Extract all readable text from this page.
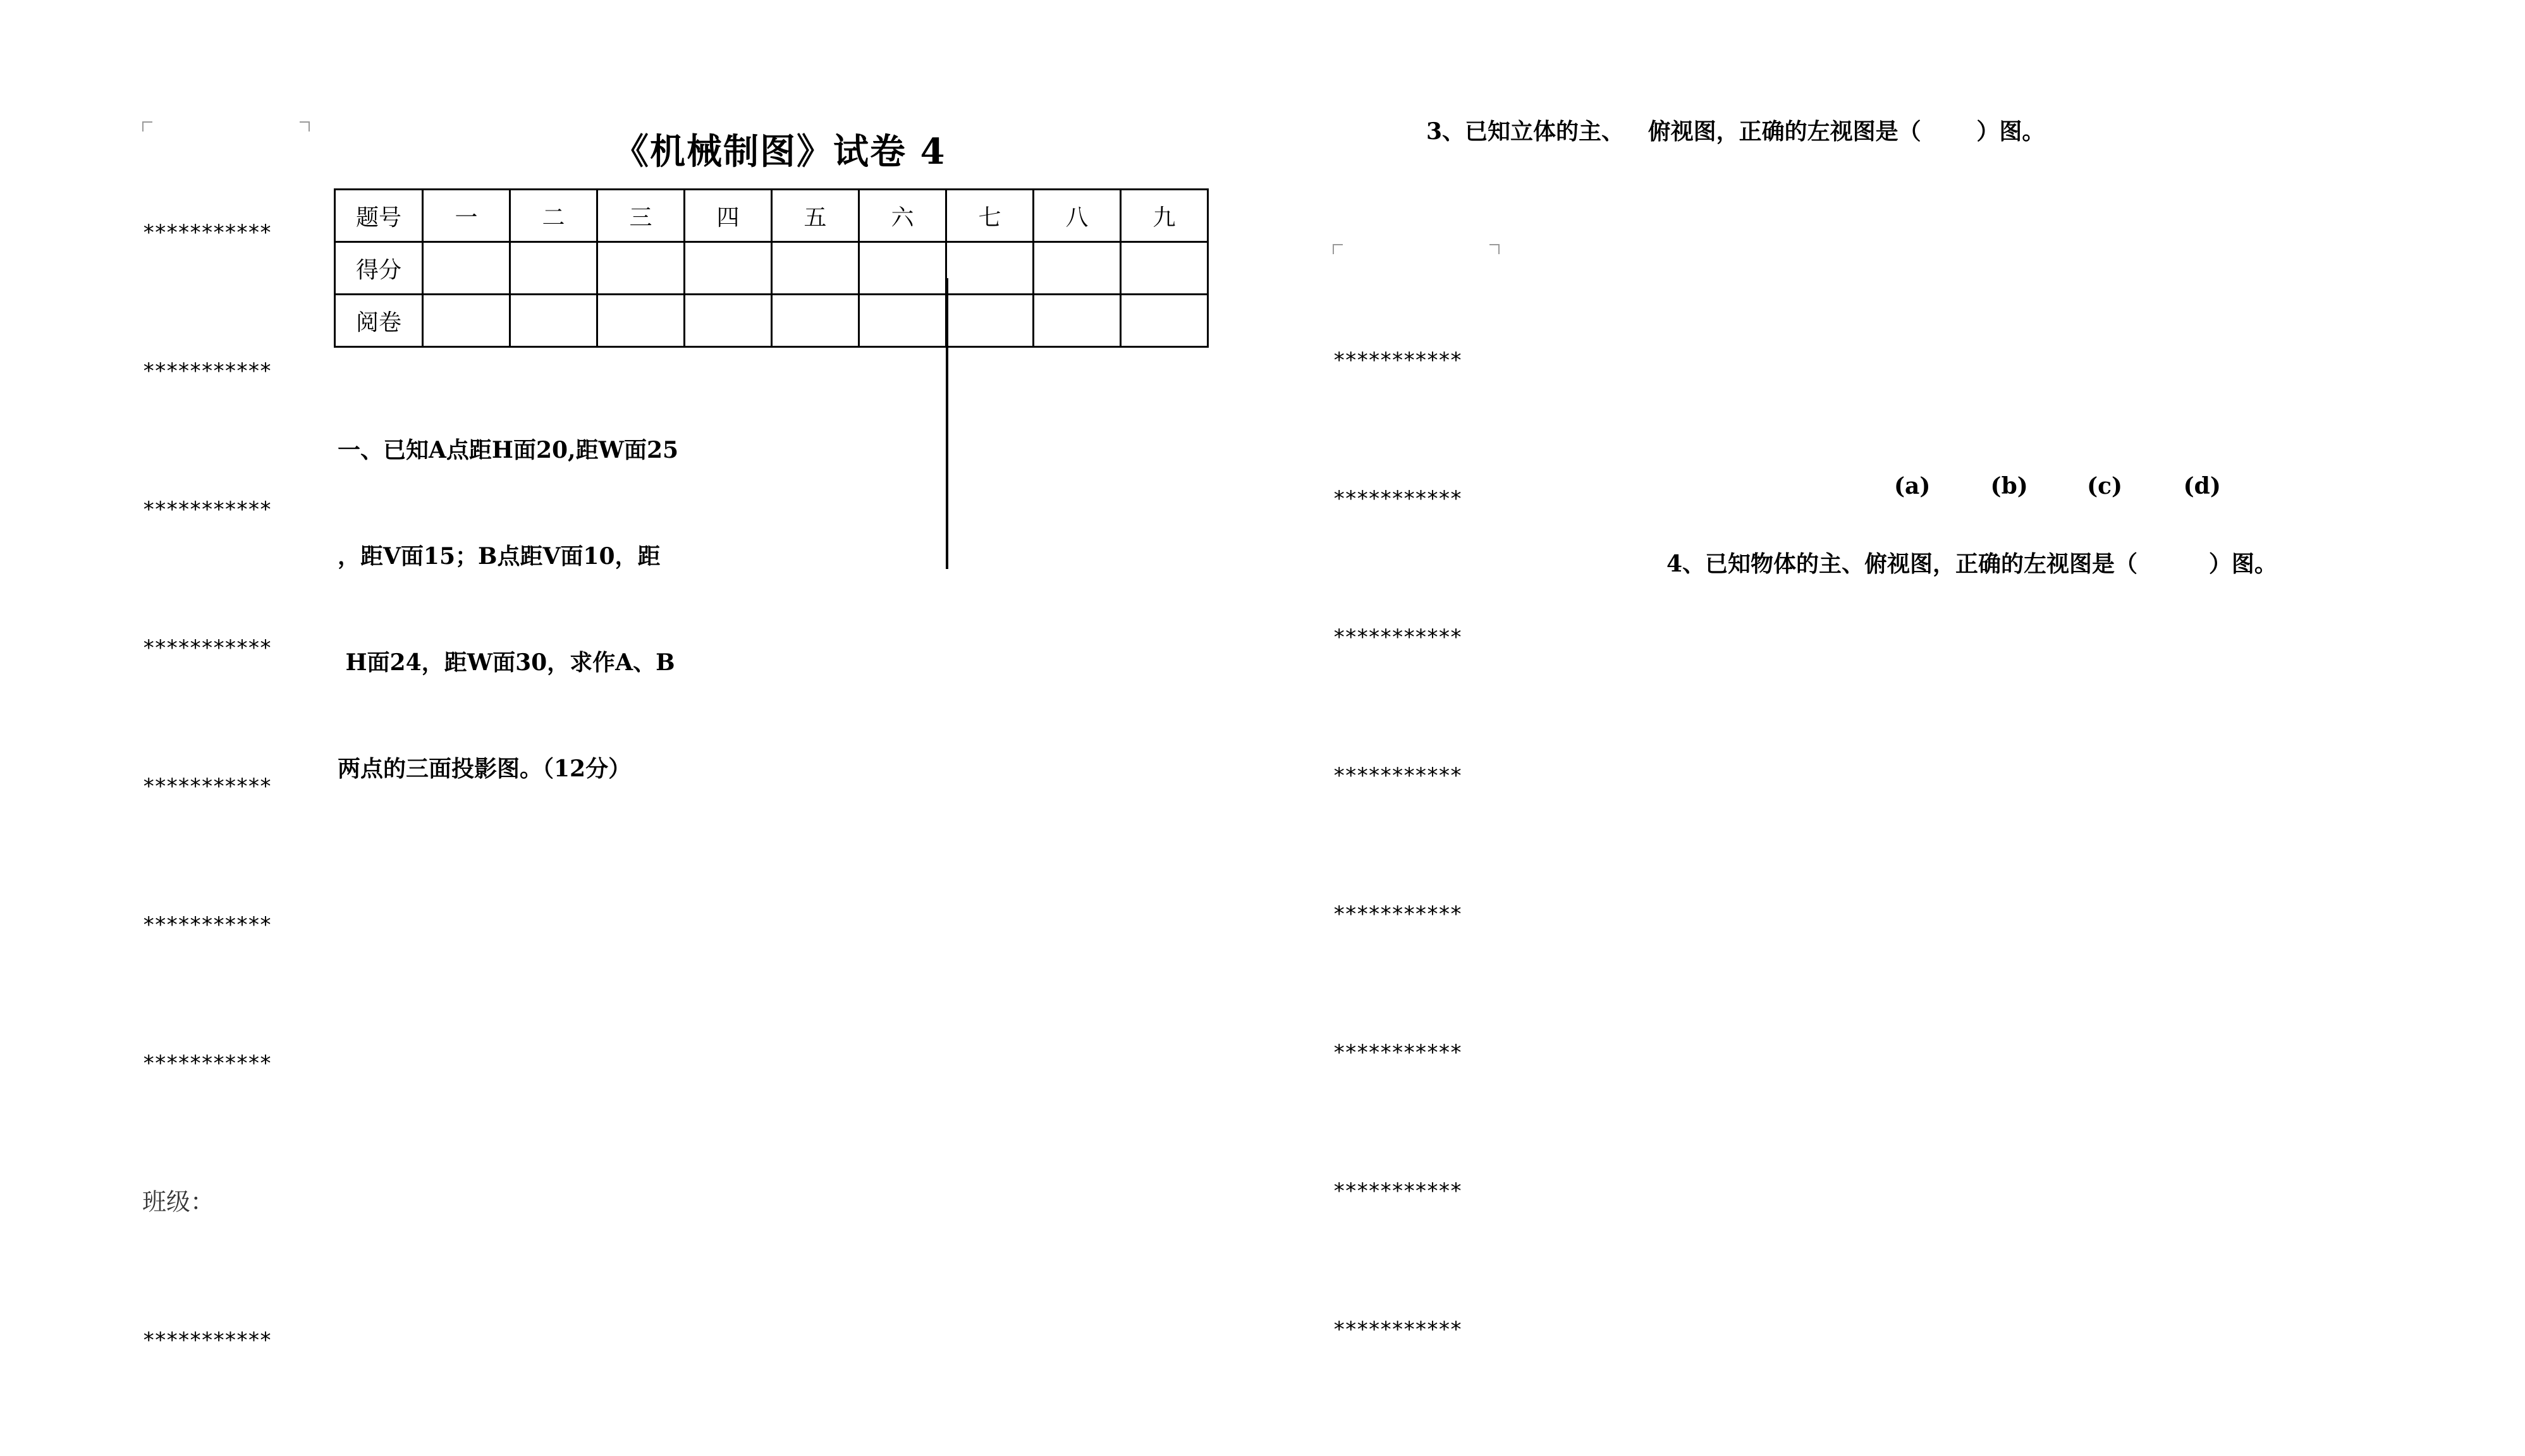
***********

***********

***********

***********

***********

***********

***********

班级：

***********

《机械制图》试卷 4
题号	一	二	三	四	五	六	七	八	九
得分									
阅卷									

一、已知A点距H面20,距W面25

，距V面15；B点距V面10，距

H面24，距W面30，求作A、B

两点的三面投影图。（12分）

3、已知立体的主、   俯视图，正确的左视图是（       ）图。

***********

***********

***********

***********

***********

***********

***********

***********

(a)	(b)	(c)	(d)
4、已知物体的主、俯视图，正确的左视图是（         ）图。
